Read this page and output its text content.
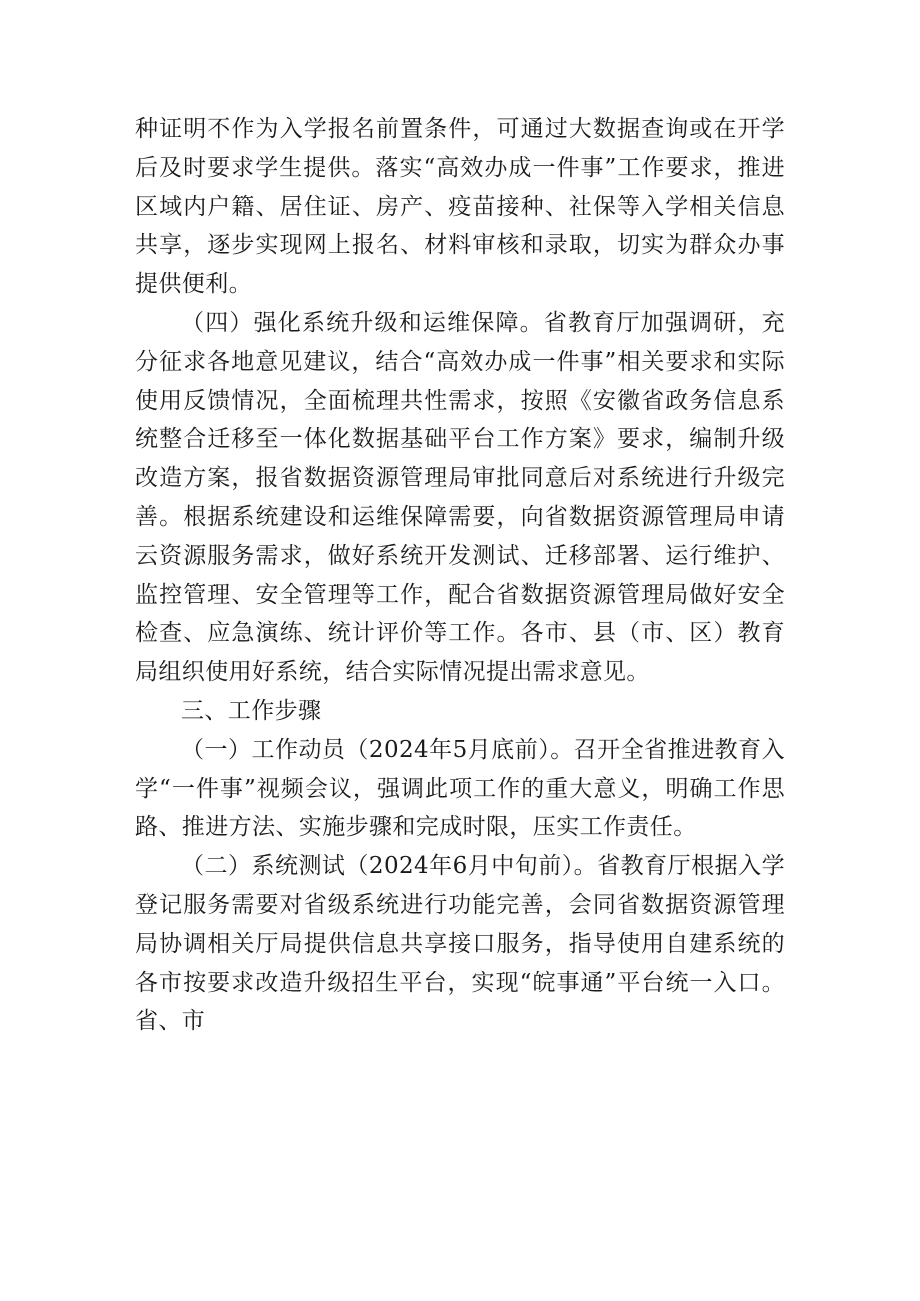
种证明不作为入学报名前置条件，可通过大数据查询或在开学后及时要求学生提供。落实“高效办成一件事”工作要求，推进区域内户籍、居住证、房产、疫苗接种、社保等入学相关信息共享，逐步实现网上报名、材料审核和录取，切实为群众办事提供便利。

（四）强化系统升级和运维保障。省教育厅加强调研，充分征求各地意见建议，结合“高效办成一件事”相关要求和实际使用反馈情况，全面梳理共性需求，按照《安徽省政务信息系统整合迁移至一体化数据基础平台工作方案》要求，编制升级改造方案，报省数据资源管理局审批同意后对系统进行升级完善。根据系统建设和运维保障需要，向省数据资源管理局申请云资源服务需求，做好系统开发测试、迁移部署、运行维护、监控管理、安全管理等工作，配合省数据资源管理局做好安全检查、应急演练、统计评价等工作。各市、县（市、区）教育局组织使用好系统，结合实际情况提出需求意见。

三、工作步骤

（一）工作动员（2024年5月底前）。召开全省推进教育入学“一件事”视频会议，强调此项工作的重大意义，明确工作思路、推进方法、实施步骤和完成时限，压实工作责任。

（二）系统测试（2024年6月中旬前）。省教育厅根据入学登记服务需要对省级系统进行功能完善，会同省数据资源管理局协调相关厅局提供信息共享接口服务，指导使用自建系统的各市按要求改造升级招生平台，实现“皖事通”平台统一入口。省、市
